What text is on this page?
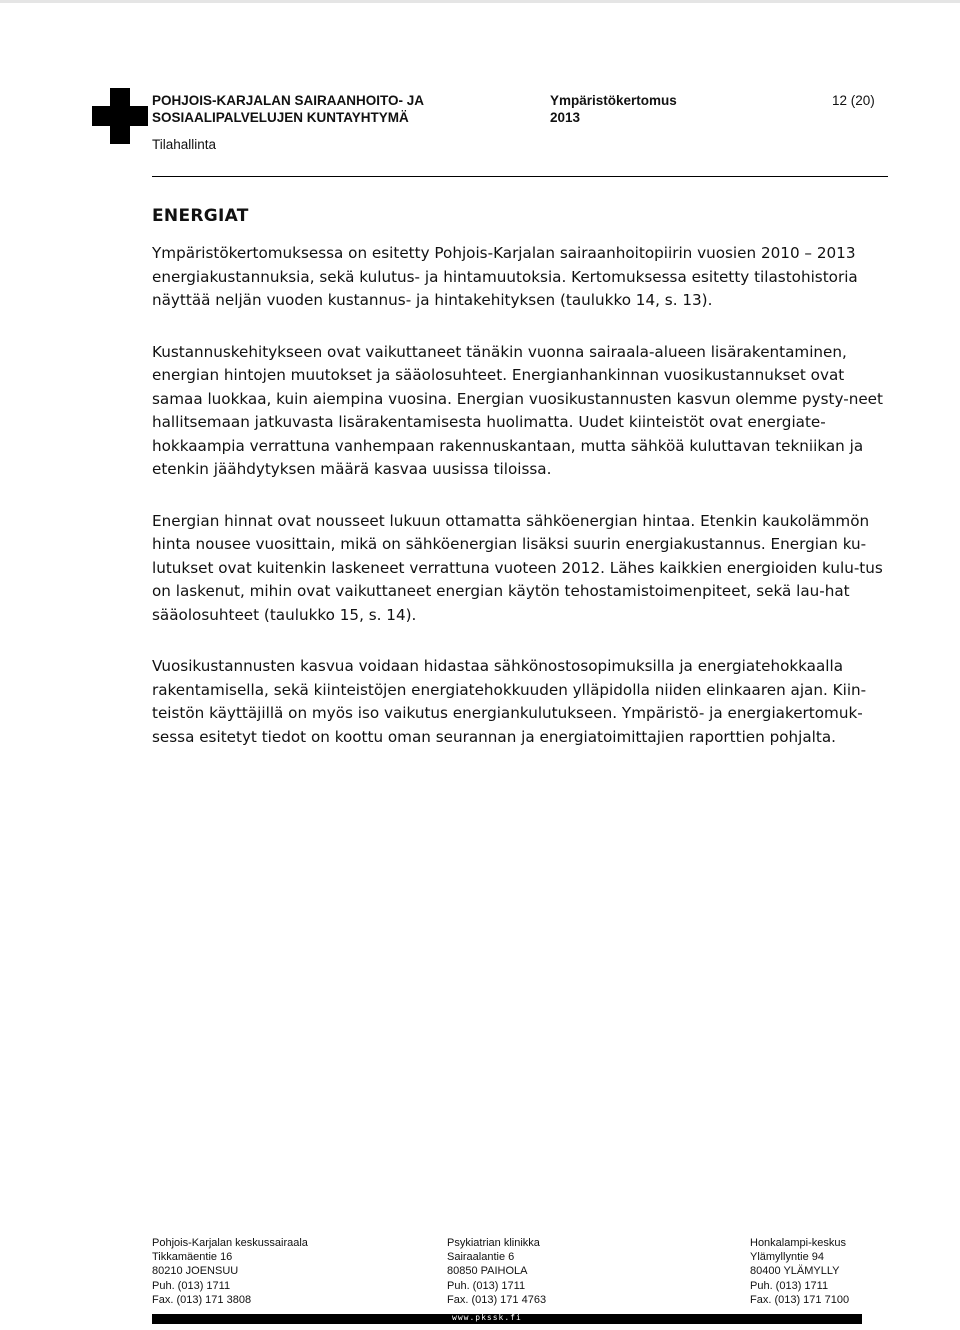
POHJOIS-KARJALAN SAIRAANHOITO- JA
SOSIAALIPALVELUJEN KUNTAYHTYMÄ
Tilahallinta
Ympäristökertomus
2013
12 (20)
ENERGIAT

Ympäristökertomuksessa on esitetty Pohjois-Karjalan sairaanhoitopiirin vuosien 2010 – 2013 energiakustannuksia, sekä kulutus- ja hintamuutoksia. Kertomuksessa esitetty tilastohistoria näyttää neljän vuoden kustannus- ja hintakehityksen (taulukko 14, s. 13).

Kustannuskehitykseen ovat vaikuttaneet tänäkin vuonna sairaala-alueen lisärakentaminen, energian hintojen muutokset ja sääolosuhteet. Energianhankinnan vuosikustannukset ovat samaa luokkaa, kuin aiempina vuosina. Energian vuosikustannusten kasvun olemme pysty-neet hallitsemaan jatkuvasta lisärakentamisesta huolimatta. Uudet kiinteistöt ovat energiate-hokkaampia verrattuna vanhempaan rakennuskantaan, mutta sähköä kuluttavan tekniikan ja etenkin jäähdytyksen määrä kasvaa uusissa tiloissa.

Energian hinnat ovat nousseet lukuun ottamatta sähköenergian hintaa. Etenkin kaukolämmön hinta nousee vuosittain, mikä on sähköenergian lisäksi suurin energiakustannus. Energian ku-lutukset ovat kuitenkin laskeneet verrattuna vuoteen 2012. Lähes kaikkien energioiden kulu-tus on laskenut, mihin ovat vaikuttaneet energian käytön tehostamistoimenpiteet, sekä lau-hat sääolosuhteet (taulukko 15, s. 14).

Vuosikustannusten kasvua voidaan hidastaa sähkönostosopimuksilla ja energiatehokkaalla rakentamisella, sekä kiinteistöjen energiatehokkuuden ylläpidolla niiden elinkaaren ajan. Kiin-teistön käyttäjillä on myös iso vaikutus energiankulutukseen. Ympäristö- ja energiakertomuk-sessa esitetyt tiedot on koottu oman seurannan ja energiatoimittajien raporttien pohjalta.

Pohjois-Karjalan keskussairaala
Tikkamäentie 16
80210 JOENSUU
Puh. (013) 1711
Fax. (013) 171 3808
Psykiatrian klinikka
Sairaalantie 6
80850 PAIHOLA
Puh. (013) 1711
Fax. (013) 171 4763
Honkalampi-keskus
Ylämyllyntie 94
80400 YLÄMYLLY
Puh. (013) 1711
Fax. (013) 171 7100
www.pkssk.fi
